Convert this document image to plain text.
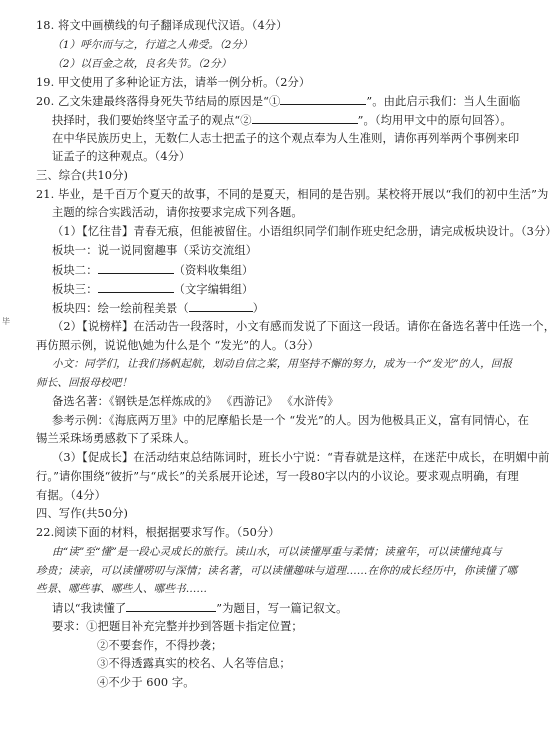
毕
18. 将文中画横线的句子翻译成现代汉语。（4分）
（1）呼尔而与之，行道之人弗受。（2分）
（2）以百金之故，良名失节。（2分）
19. 甲文使用了多种论证方法，请举一例分析。（2分）
20. 乙文朱建最终落得身死失节结局的原因是“①	”。由此启示我们：当人生面临
抉择时，我们要始终坚守孟子的观点“②	”。（均用甲文中的原句回答）。
在中华民族历史上，无数仁人志士把孟子的这个观点奉为人生准则，请你再列举两个事例来印
证孟子的这种观点。（4分）
三、综合(共10分)
21. 毕业，是千百万个夏天的故事，不同的是夏天，相同的是告别。某校将开展以“我们的初中生活”为
主题的综合实践活动，请你按要求完成下列各题。
（1）【忆往昔】青春无痕，但能被留住。小语组织同学们制作班史纪念册，请完成板块设计。（3分）
板块一：说一说同窗趣事（采访交流组）
板块二：	（资料收集组）
板块三：	（文字编辑组）
板块四：绘一绘前程美景（	）
（2）【说榜样】在活动告一段落时，小文有感而发说了下面这一段话。请你在备选名著中任选一个，
再仿照示例，说说他\她为什么是个 “发光”的人。（3分）
小文：同学们，让我们扬帆起航，划动自信之桨，用坚持不懈的努力，成为一个“发光”的人，回报
师长、回报母校吧！
备选名著：《钢铁是怎样炼成的》 《西游记》 《水浒传》
参考示例：《海底两万里》中的尼摩船长是一个 “发光”的人。因为他极具正义，富有同情心，在
锡兰采珠场勇感救下了采珠人。
（3）【促成长】在活动结束总结陈词时，班长小宁说：“青春就是这样，在迷茫中成长，在明媚中前
行。”请你围绕“彼折”与“成长”的关系展开论述，写一段80字以内的小议论。要求观点明确，有理
有据。（4分）
四、写作(共50分)
22.阅读下面的材料，根据据要求写作。（50分）
由“读”至“懂”是一段心灵成长的旅行。读山水，可以读懂厚重与柔情；读童年，可以读懂纯真与
珍贵；读亲，可以读懂唠叨与深情；读名著，可以读懂趣味与道理……在你的成长经历中，你读懂了哪
些景、哪些事、哪些人、哪些书……
请以“我读懂了	”为题目，写一篇记叙文。
要求：①把题目补充完整并抄到答题卡指定位置；
②不要套作，不得抄袭；
③不得透露真实的校名、人名等信息；
④不少于 600 字。
